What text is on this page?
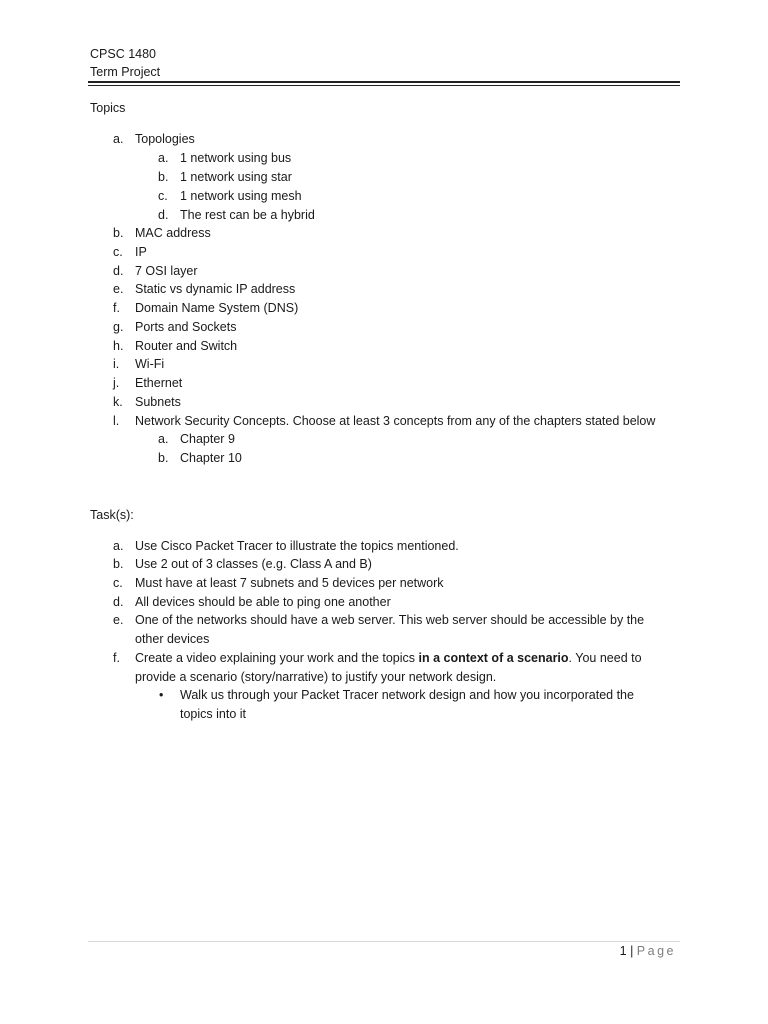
CPSC 1480
Term Project
Topics
a. Topologies
a. 1 network using bus
b. 1 network using star
c. 1 network using mesh
d. The rest can be a hybrid
b. MAC address
c. IP
d. 7 OSI layer
e. Static vs dynamic IP address
f. Domain Name System (DNS)
g. Ports and Sockets
h. Router and Switch
i. Wi-Fi
j. Ethernet
k. Subnets
l. Network Security Concepts. Choose at least 3 concepts from any of the chapters stated below
a. Chapter 9
b. Chapter 10
Task(s):
a. Use Cisco Packet Tracer to illustrate the topics mentioned.
b. Use 2 out of 3 classes (e.g. Class A and B)
c. Must have at least 7 subnets and 5 devices per network
d. All devices should be able to ping one another
e. One of the networks should have a web server. This web server should be accessible by the other devices
f. Create a video explaining your work and the topics in a context of a scenario. You need to provide a scenario (story/narrative) to justify your network design.
• Walk us through your Packet Tracer network design and how you incorporated the topics into it
1 | Page
